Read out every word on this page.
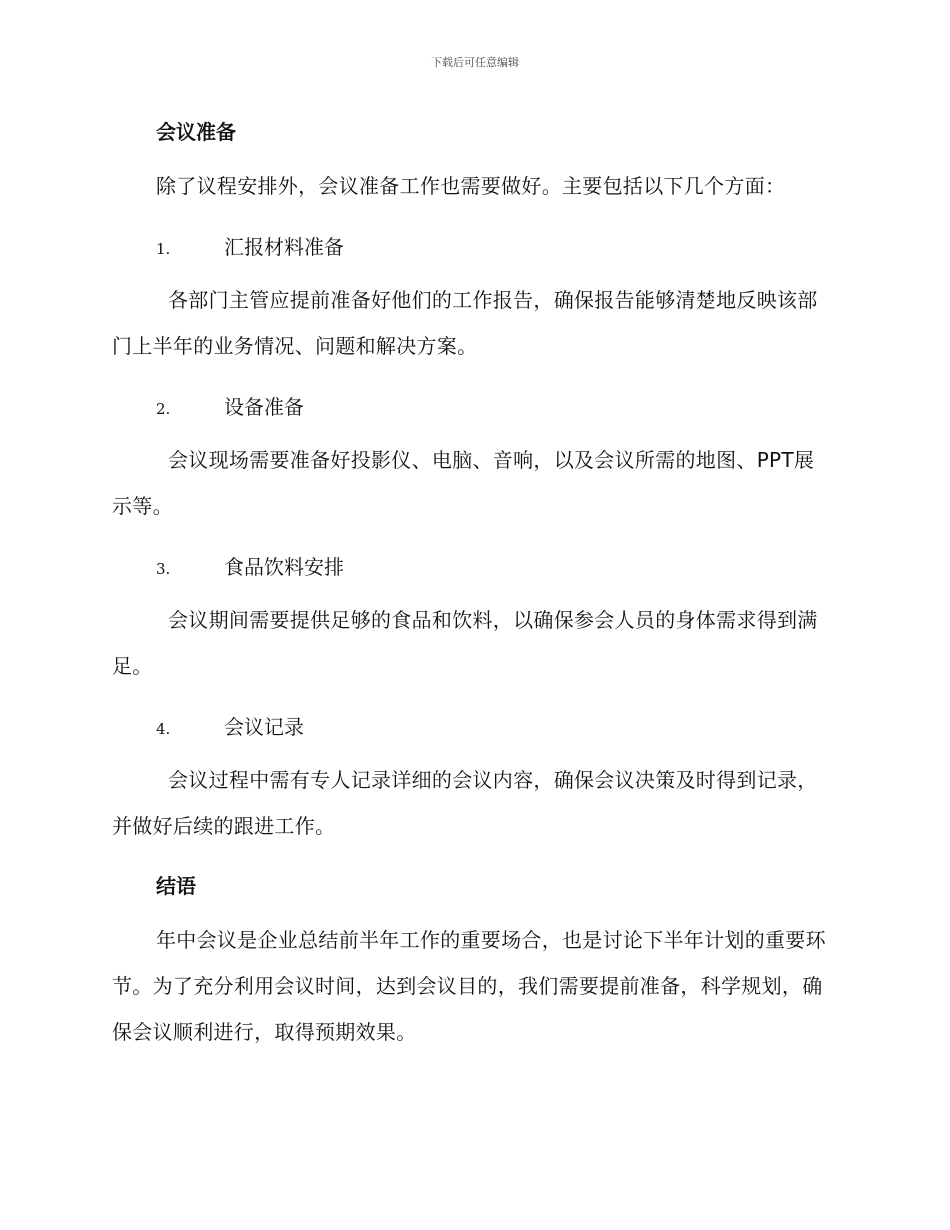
下载后可任意编辑
会议准备
除了议程安排外，会议准备工作也需要做好。主要包括以下几个方面：
1.	汇报材料准备
各部门主管应提前准备好他们的工作报告，确保报告能够清楚地反映该部门上半年的业务情况、问题和解决方案。
2.	设备准备
会议现场需要准备好投影仪、电脑、音响，以及会议所需的地图、PPT展示等。
3.	食品饮料安排
会议期间需要提供足够的食品和饮料，以确保参会人员的身体需求得到满足。
4.	会议记录
会议过程中需有专人记录详细的会议内容，确保会议决策及时得到记录，并做好后续的跟进工作。
结语
年中会议是企业总结前半年工作的重要场合，也是讨论下半年计划的重要环节。为了充分利用会议时间，达到会议目的，我们需要提前准备，科学规划，确保会议顺利进行，取得预期效果。
